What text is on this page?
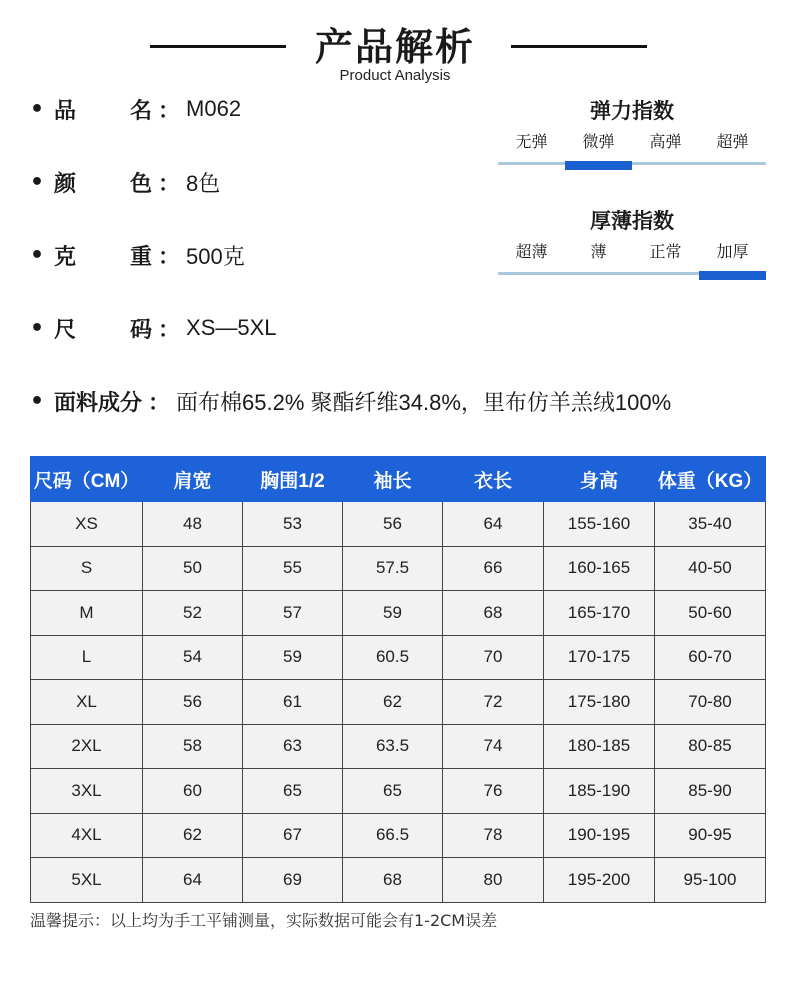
产品解析
Product Analysis
• 品 名 ： M062
• 颜 色 ： 8色
• 克 重 ： 500克
• 尺 码 ： XS—5XL
• 面料成分 ： 面布棉65.2% 聚酯纤维34.8%，里布仿羊羔绒100%
弹力指数
无弹	微弹	高弹	超弹
厚薄指数
超薄	薄	正常	加厚
尺码（CM）	肩宽	胸围1/2	袖长	衣长	身高	体重（KG）
XS	48	53	56	64	155-160	35-40
S	50	55	57.5	66	160-165	40-50
M	52	57	59	68	165-170	50-60
L	54	59	60.5	70	170-175	60-70
XL	56	61	62	72	175-180	70-80
2XL	58	63	63.5	74	180-185	80-85
3XL	60	65	65	76	185-190	85-90
4XL	62	67	66.5	78	190-195	90-95
5XL	64	69	68	80	195-200	95-100
温馨提示：以上均为手工平铺测量，实际数据可能会有1-2CM误差
